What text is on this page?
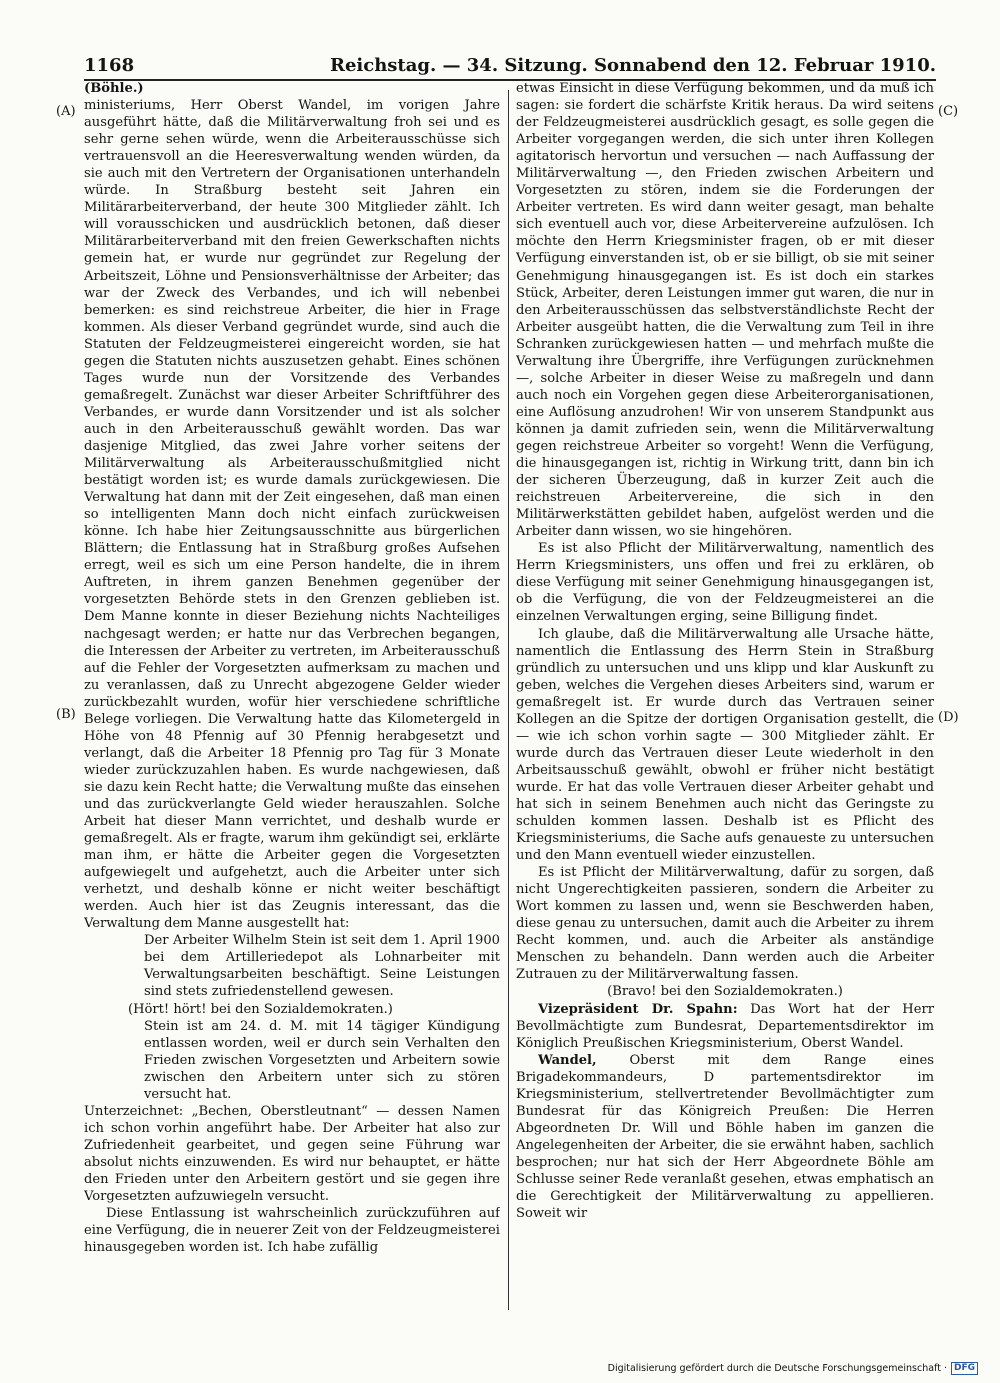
1168	Reichstag. — 34. Sitzung. Sonnabend den 12. Februar 1910.
(A)
(B)
(C)
(D)

(Böhle.)

ministeriums, Herr Oberst Wandel, im vorigen Jahre ausgeführt hätte, daß die Militärverwaltung froh sei und es sehr gerne sehen würde, wenn die Arbeiterausschüsse sich vertrauensvoll an die Heeresverwaltung wenden würden, da sie auch mit den Vertretern der Organisationen unterhandeln würde. In Straßburg besteht seit Jahren ein Militärarbeiterverband, der heute 300 Mitglieder zählt. Ich will vorausschicken und ausdrücklich betonen, daß dieser Militärarbeiterverband mit den freien Gewerkschaften nichts gemein hat, er wurde nur gegründet zur Regelung der Arbeitszeit, Löhne und Pensionsverhältnisse der Arbeiter; das war der Zweck des Verbandes, und ich will nebenbei bemerken: es sind reichstreue Arbeiter, die hier in Frage kommen. Als dieser Verband gegründet wurde, sind auch die Statuten der Feldzeugmeisterei eingereicht worden, sie hat gegen die Statuten nichts auszusetzen gehabt. Eines schönen Tages wurde nun der Vorsitzende des Verbandes gemaßregelt. Zunächst war dieser Arbeiter Schriftführer des Verbandes, er wurde dann Vorsitzender und ist als solcher auch in den Arbeiterausschuß gewählt worden. Das war dasjenige Mitglied, das zwei Jahre vorher seitens der Militärverwaltung als Arbeiterausschußmitglied nicht bestätigt worden ist; es wurde damals zurückgewiesen. Die Verwaltung hat dann mit der Zeit eingesehen, daß man einen so intelligenten Mann doch nicht einfach zurückweisen könne. Ich habe hier Zeitungsausschnitte aus bürgerlichen Blättern; die Entlassung hat in Straßburg großes Aufsehen erregt, weil es sich um eine Person handelte, die in ihrem Auftreten, in ihrem ganzen Benehmen gegenüber der vorgesetzten Behörde stets in den Grenzen geblieben ist. Dem Manne konnte in dieser Beziehung nichts Nachteiliges nachgesagt werden; er hatte nur das Verbrechen begangen, die Interessen der Arbeiter zu vertreten, im Arbeiterausschuß auf die Fehler der Vorgesetzten aufmerksam zu machen und zu veranlassen, daß zu Unrecht abgezogene Gelder wieder zurückbezahlt wurden, wofür hier verschiedene schriftliche Belege vorliegen. Die Verwaltung hatte das Kilometergeld in Höhe von 48 Pfennig auf 30 Pfennig herabgesetzt und verlangt, daß die Arbeiter 18 Pfennig pro Tag für 3 Monate wieder zurückzuzahlen haben. Es wurde nachgewiesen, daß sie dazu kein Recht hatte; die Verwaltung mußte das einsehen und das zurückverlangte Geld wieder herauszahlen. Solche Arbeit hat dieser Mann verrichtet, und deshalb wurde er gemaßregelt. Als er fragte, warum ihm gekündigt sei, erklärte man ihm, er hätte die Arbeiter gegen die Vorgesetzten aufgewiegelt und aufgehetzt, auch die Arbeiter unter sich verhetzt, und deshalb könne er nicht weiter beschäftigt werden. Auch hier ist das Zeugnis interessant, das die Verwaltung dem Manne ausgestellt hat:

Der Arbeiter Wilhelm Stein ist seit dem 1. April 1900 bei dem Artilleriedepot als Lohnarbeiter mit Verwaltungsarbeiten beschäftigt. Seine Leistungen sind stets zufriedenstellend gewesen.

(Hört! hört! bei den Sozialdemokraten.)

Stein ist am 24. d. M. mit 14 tägiger Kündigung entlassen worden, weil er durch sein Verhalten den Frieden zwischen Vorgesetzten und Arbeitern sowie zwischen den Arbeitern unter sich zu stören versucht hat.

Unterzeichnet: „Bechen, Oberstleutnant“ — dessen Namen ich schon vorhin angeführt habe. Der Arbeiter hat also zur Zufriedenheit gearbeitet, und gegen seine Führung war absolut nichts einzuwenden. Es wird nur behauptet, er hätte den Frieden unter den Arbeitern gestört und sie gegen ihre Vorgesetzten aufzuwiegeln versucht.

Diese Entlassung ist wahrscheinlich zurückzuführen auf eine Verfügung, die in neuerer Zeit von der Feldzeugmeisterei hinausgegeben worden ist. Ich habe zufällig

etwas Einsicht in diese Verfügung bekommen, und da muß ich sagen: sie fordert die schärfste Kritik heraus. Da wird seitens der Feldzeugmeisterei ausdrücklich gesagt, es solle gegen die Arbeiter vorgegangen werden, die sich unter ihren Kollegen agitatorisch hervortun und versuchen — nach Auffassung der Militärverwaltung —, den Frieden zwischen Arbeitern und Vorgesetzten zu stören, indem sie die Forderungen der Arbeiter vertreten. Es wird dann weiter gesagt, man behalte sich eventuell auch vor, diese Arbeitervereine aufzulösen. Ich möchte den Herrn Kriegsminister fragen, ob er mit dieser Verfügung einverstanden ist, ob er sie billigt, ob sie mit seiner Genehmigung hinausgegangen ist. Es ist doch ein starkes Stück, Arbeiter, deren Leistungen immer gut waren, die nur in den Arbeiterausschüssen das selbstverständlichste Recht der Arbeiter ausgeübt hatten, die die Verwaltung zum Teil in ihre Schranken zurückgewiesen hatten — und mehrfach mußte die Verwaltung ihre Übergriffe, ihre Verfügungen zurücknehmen —, solche Arbeiter in dieser Weise zu maßregeln und dann auch noch ein Vorgehen gegen diese Arbeiterorganisationen, eine Auflösung anzudrohen! Wir von unserem Standpunkt aus können ja damit zufrieden sein, wenn die Militärverwaltung gegen reichstreue Arbeiter so vorgeht! Wenn die Verfügung, die hinausgegangen ist, richtig in Wirkung tritt, dann bin ich der sicheren Überzeugung, daß in kurzer Zeit auch die reichstreuen Arbeitervereine, die sich in den Militärwerkstätten gebildet haben, aufgelöst werden und die Arbeiter dann wissen, wo sie hingehören.

Es ist also Pflicht der Militärverwaltung, namentlich des Herrn Kriegsministers, uns offen und frei zu erklären, ob diese Verfügung mit seiner Genehmigung hinausgegangen ist, ob die Verfügung, die von der Feldzeugmeisterei an die einzelnen Verwaltungen erging, seine Billigung findet.

Ich glaube, daß die Militärverwaltung alle Ursache hätte, namentlich die Entlassung des Herrn Stein in Straßburg gründlich zu untersuchen und uns klipp und klar Auskunft zu geben, welches die Vergehen dieses Arbeiters sind, warum er gemaßregelt ist. Er wurde durch das Vertrauen seiner Kollegen an die Spitze der dortigen Organisation gestellt, die — wie ich schon vorhin sagte — 300 Mitglieder zählt. Er wurde durch das Vertrauen dieser Leute wiederholt in den Arbeitsausschuß gewählt, obwohl er früher nicht bestätigt wurde. Er hat das volle Vertrauen dieser Arbeiter gehabt und hat sich in seinem Benehmen auch nicht das Geringste zu schulden kommen lassen. Deshalb ist es Pflicht des Kriegsministeriums, die Sache aufs genaueste zu untersuchen und den Mann eventuell wieder einzustellen.

Es ist Pflicht der Militärverwaltung, dafür zu sorgen, daß nicht Ungerechtigkeiten passieren, sondern die Arbeiter zu Wort kommen zu lassen und, wenn sie Beschwerden haben, diese genau zu untersuchen, damit auch die Arbeiter zu ihrem Recht kommen, und. auch die Arbeiter als anständige Menschen zu behandeln. Dann werden auch die Arbeiter Zutrauen zu der Militärverwaltung fassen.

(Bravo! bei den Sozialdemokraten.)

Vizepräsident Dr. Spahn: Das Wort hat der Herr Bevollmächtigte zum Bundesrat, Departementsdirektor im Königlich Preußischen Kriegsministerium, Oberst Wandel.

Wandel, Oberst mit dem Range eines Brigadekommandeurs, D partementsdirektor im Kriegsministerium, stellvertretender Bevollmächtigter zum Bundesrat für das Königreich Preußen: Die Herren Abgeordneten Dr. Will und Böhle haben im ganzen die Angelegenheiten der Arbeiter, die sie erwähnt haben, sachlich besprochen; nur hat sich der Herr Abgeordnete Böhle am Schlusse seiner Rede veranlaßt gesehen, etwas emphatisch an die Gerechtigkeit der Militärverwaltung zu appellieren. Soweit wir

Digitalisierung gefördert durch die Deutsche Forschungsgemeinschaft · DFG
